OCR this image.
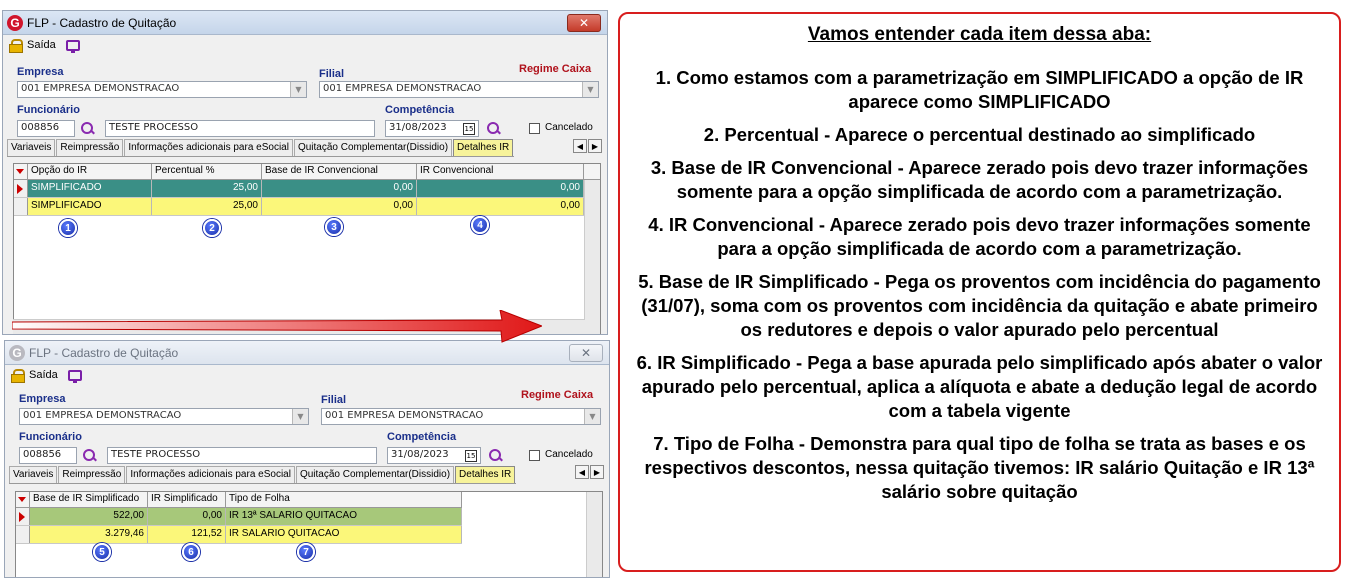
G FLP - Cadastro de Quitação	✕
Saída
Empresa
001 EMPRESA DEMONSTRACAO	▼
Filial	Regime Caixa
001 EMPRESA DEMONSTRACAO	▼
Funcionário
008856	TESTE PROCESSO
Competência
31/08/2023	15	Cancelado
Variaveis Reimpressão Informações adicionais para eSocial Quitação Complementar(Dissidio) Detalhes IR	◀	▶
Opção do IR	Percentual %	Base de IR Convencional	IR Convencional
SIMPLIFICADO	25,00	0,00	0,00
SIMPLIFICADO	25,00	0,00	0,00
1	2	3	4
G FLP - Cadastro de Quitação	✕
Saída
Empresa
001 EMPRESA DEMONSTRACAO	▼
Filial	Regime Caixa
001 EMPRESA DEMONSTRACAO	▼
Funcionário
008856	TESTE PROCESSO
Competência
31/08/2023	15	Cancelado
Variaveis Reimpressão Informações adicionais para eSocial Quitação Complementar(Dissidio) Detalhes IR	◀	▶
Base de IR Simplificado	IR Simplificado	Tipo de Folha
522,00	0,00 IR 13ª SALARIO QUITACAO
3.279,46	121,52 IR SALARIO QUITACAO
5	6	7
Vamos entender cada item dessa aba:

1. Como estamos com a parametrização em SIMPLIFICADO a opção de IR aparece como SIMPLIFICADO

2. Percentual - Aparece o percentual destinado ao simplificado

3. Base de IR Convencional - Aparece zerado pois devo trazer informações somente para a opção simplificada de acordo com a parametrização.

4. IR Convencional - Aparece zerado pois devo trazer informações somente para a opção simplificada de acordo com a parametrização.

5. Base de IR Simplificado - Pega os proventos com incidência do pagamento (31/07), soma com os proventos com incidência da quitação e abate primeiro os redutores e depois o valor apurado pelo percentual

6. IR Simplificado - Pega a base apurada pelo simplificado após abater o valor apurado pelo percentual, aplica a alíquota e abate a dedução legal de acordo com a tabela vigente

7. Tipo de Folha - Demonstra para qual tipo de folha se trata as bases e os respectivos descontos, nessa quitação tivemos: IR salário Quitação e IR 13ª salário sobre quitação
